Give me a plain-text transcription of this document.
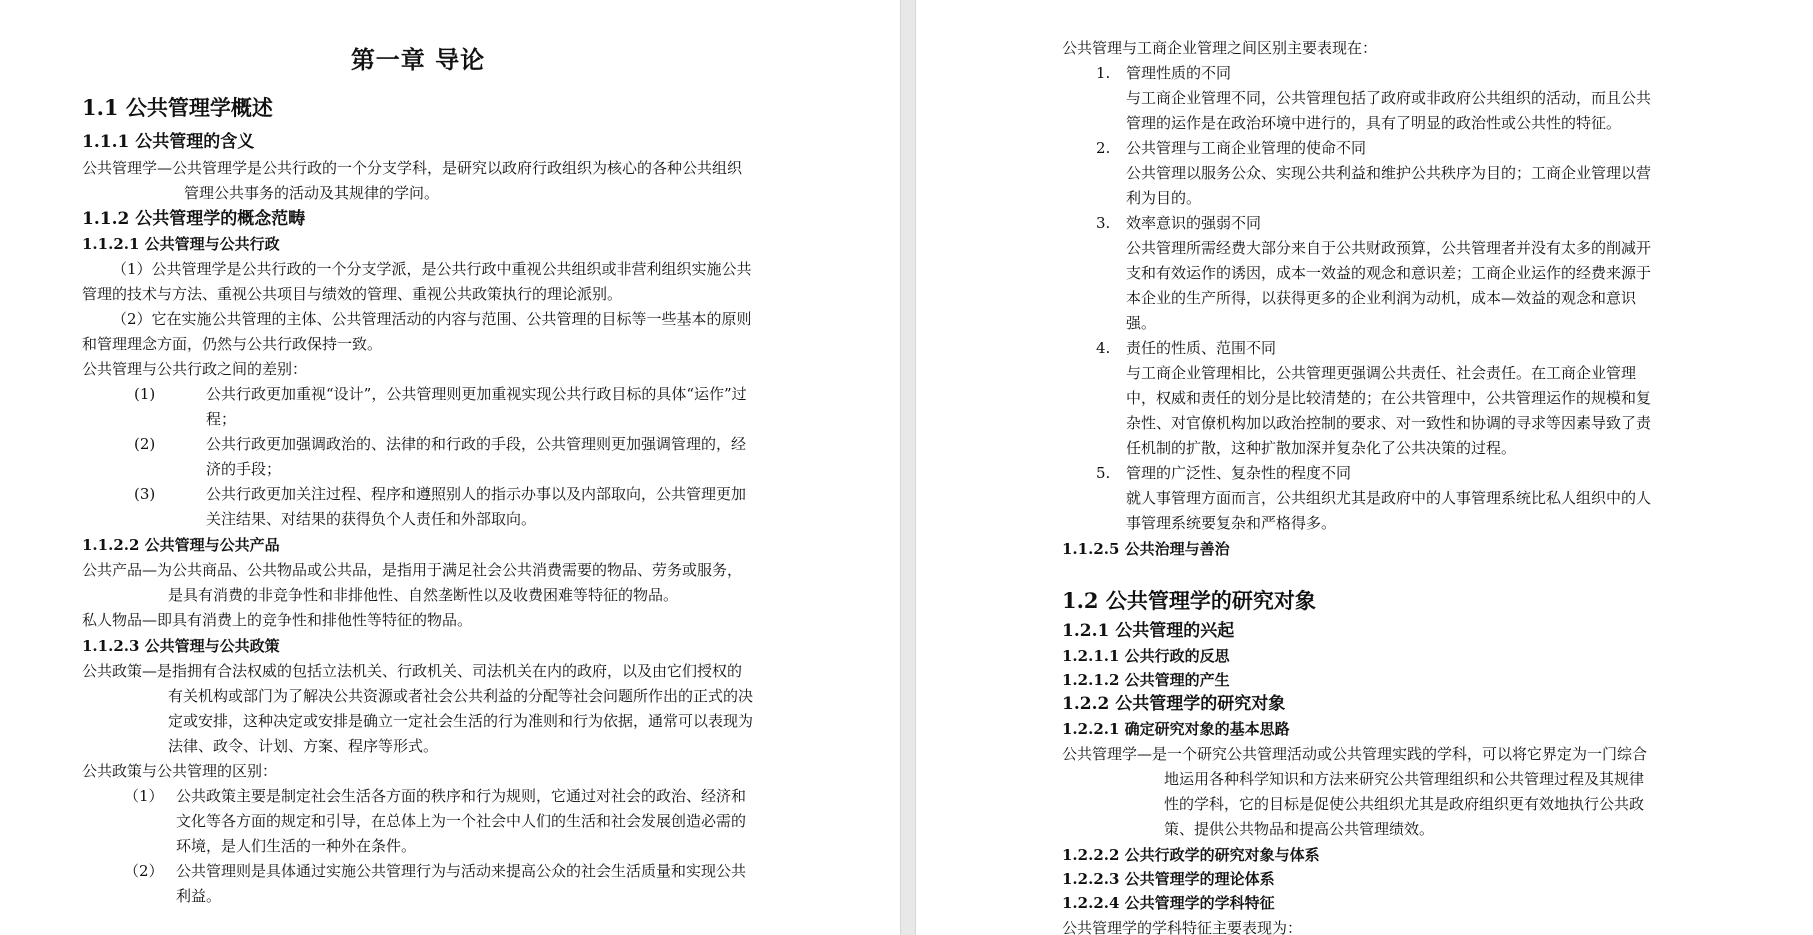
第一章 导论
1.1 公共管理学概述
1.1.1 公共管理的含义

公共管理学—公共管理学是公共行政的一个分支学科，是研究以政府行政组织为核心的各种公共组织管理公共事务的活动及其规律的学问。

1.1.2 公共管理学的概念范畴
1.1.2.1 公共管理与公共行政

（1）公共管理学是公共行政的一个分支学派，是公共行政中重视公共组织或非营利组织实施公共管理的技术与方法、重视公共项目与绩效的管理、重视公共政策执行的理论派别。

（2）它在实施公共管理的主体、公共管理活动的内容与范围、公共管理的目标等一些基本的原则和管理理念方面，仍然与公共行政保持一致。

公共管理与公共行政之间的差别：

(1)	公共行政更加重视“设计”，公共管理则更加重视实现公共行政目标的具体“运作”过程；
(2)	公共行政更加强调政治的、法律的和行政的手段，公共管理则更加强调管理的，经济的手段；
(3)	公共行政更加关注过程、程序和遵照别人的指示办事以及内部取向，公共管理更加关注结果、对结果的获得负个人责任和外部取向。
1.1.2.2 公共管理与公共产品

公共产品—为公共商品、公共物品或公共品，是指用于满足社会公共消费需要的物品、劳务或服务，是具有消费的非竞争性和非排他性、自然垄断性以及收费困难等特征的物品。

私人物品—即具有消费上的竞争性和排他性等特征的物品。

1.1.2.3 公共管理与公共政策

公共政策—是指拥有合法权威的包括立法机关、行政机关、司法机关在内的政府，以及由它们授权的有关机构或部门为了解决公共资源或者社会公共利益的分配等社会问题所作出的正式的决定或安排，这种决定或安排是确立一定社会生活的行为准则和行为依据，通常可以表现为法律、政令、计划、方案、程序等形式。

公共政策与公共管理的区别：

（1） 公共政策主要是制定社会生活各方面的秩序和行为规则，它通过对社会的政治、经济和文化等各方面的规定和引导，在总体上为一个社会中人们的生活和社会发展创造必需的环境，是人们生活的一种外在条件。
（2） 公共管理则是具体通过实施公共管理行为与活动来提高公众的社会生活质量和实现公共利益。

公共管理与工商企业管理之间区别主要表现在：

1.	管理性质的不同
与工商企业管理不同，公共管理包括了政府或非政府公共组织的活动，而且公共管理的运作是在政治环境中进行的，具有了明显的政治性或公共性的特征。
2.	公共管理与工商企业管理的使命不同
公共管理以服务公众、实现公共利益和维护公共秩序为目的；工商企业管理以营利为目的。
3.	效率意识的强弱不同
公共管理所需经费大部分来自于公共财政预算，公共管理者并没有太多的削减开支和有效运作的诱因，成本一效益的观念和意识差；工商企业运作的经费来源于本企业的生产所得，以获得更多的企业利润为动机，成本—效益的观念和意识强。
4.	责任的性质、范围不同
与工商企业管理相比，公共管理更强调公共责任、社会责任。在工商企业管理中，权威和责任的划分是比较清楚的；在公共管理中，公共管理运作的规模和复杂性、对官僚机构加以政治控制的要求、对一致性和协调的寻求等因素导致了责任机制的扩散，这种扩散加深并复杂化了公共决策的过程。
5.	管理的广泛性、复杂性的程度不同
就人事管理方面而言，公共组织尤其是政府中的人事管理系统比私人组织中的人事管理系统要复杂和严格得多。
1.1.2.5 公共治理与善治
1.2 公共管理学的研究对象
1.2.1 公共管理的兴起
1.2.1.1 公共行政的反思
1.2.1.2 公共管理的产生
1.2.2 公共管理学的研究对象
1.2.2.1 确定研究对象的基本思路

公共管理学—是一个研究公共管理活动或公共管理实践的学科，可以将它界定为一门综合地运用各种科学知识和方法来研究公共管理组织和公共管理过程及其规律性的学科，它的目标是促使公共组织尤其是政府组织更有效地执行公共政策、提供公共物品和提高公共管理绩效。

1.2.2.2 公共行政学的研究对象与体系
1.2.2.3 公共管理学的理论体系
1.2.2.4 公共管理学的学科特征

公共管理学的学科特征主要表现为：
